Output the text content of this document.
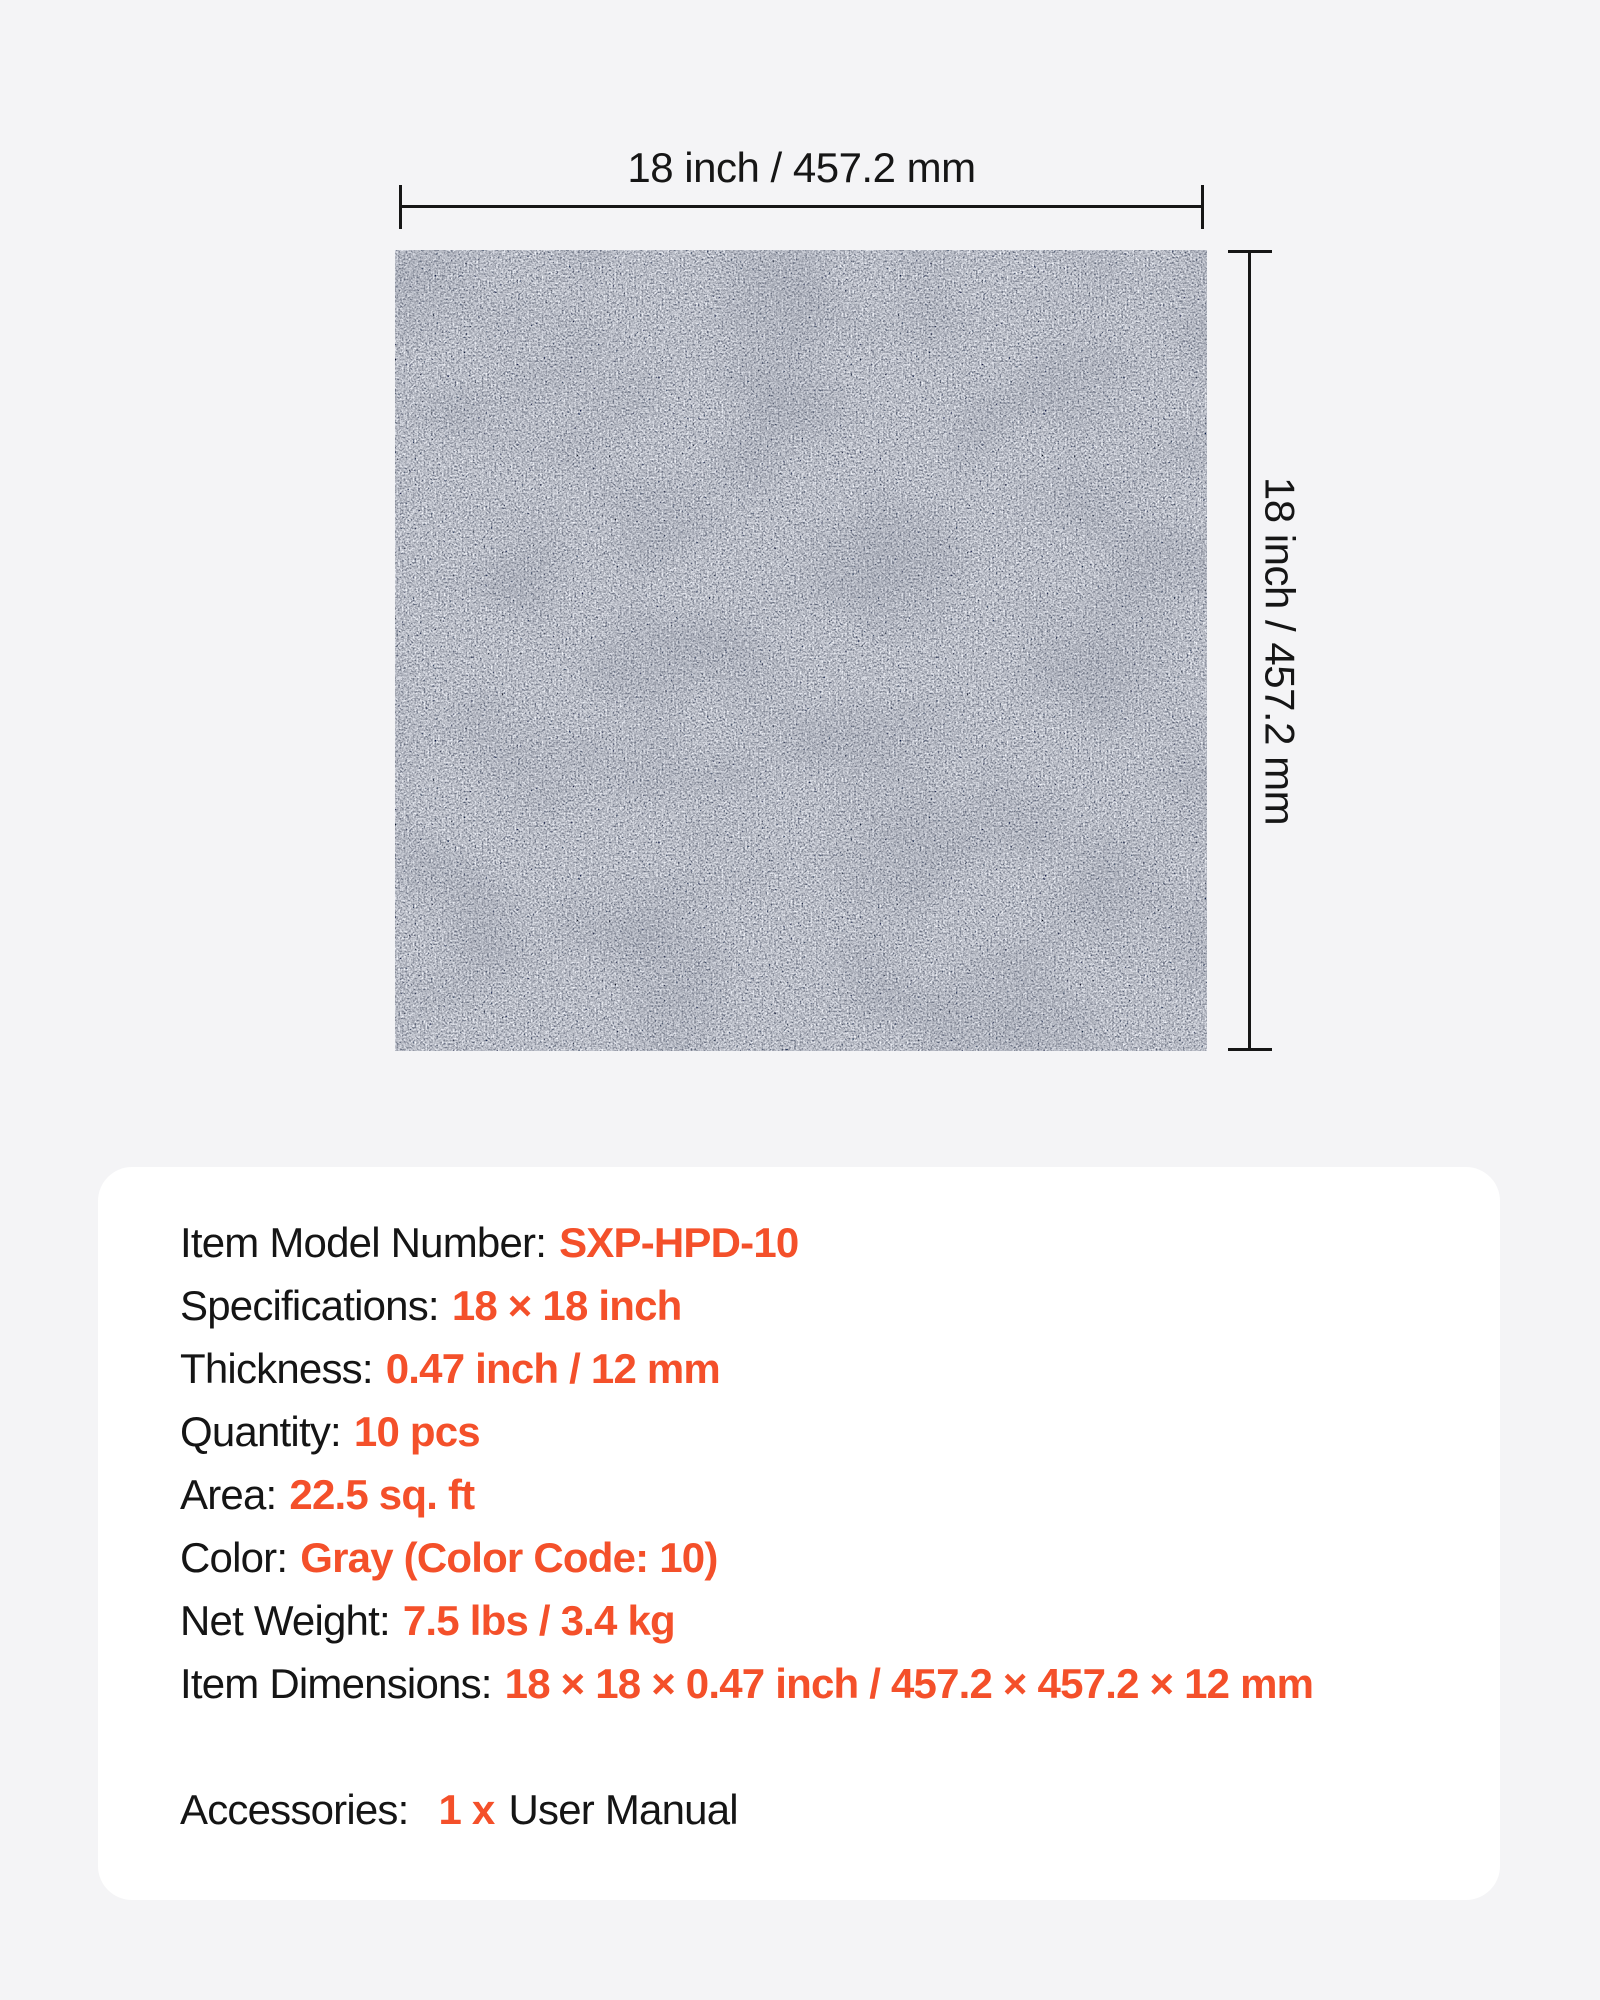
18 inch / 457.2 mm
18 inch / 457.2 mm
Item Model Number: SXP-HPD-10
Specifications: 18 × 18 inch
Thickness: 0.47 inch / 12 mm
Quantity: 10 pcs
Area: 22.5 sq. ft
Color: Gray (Color Code: 10)
Net Weight: 7.5 lbs / 3.4 kg
Item Dimensions: 18 × 18 × 0.47 inch / 457.2 × 457.2 × 12 mm
Accessories: 1 x User Manual
